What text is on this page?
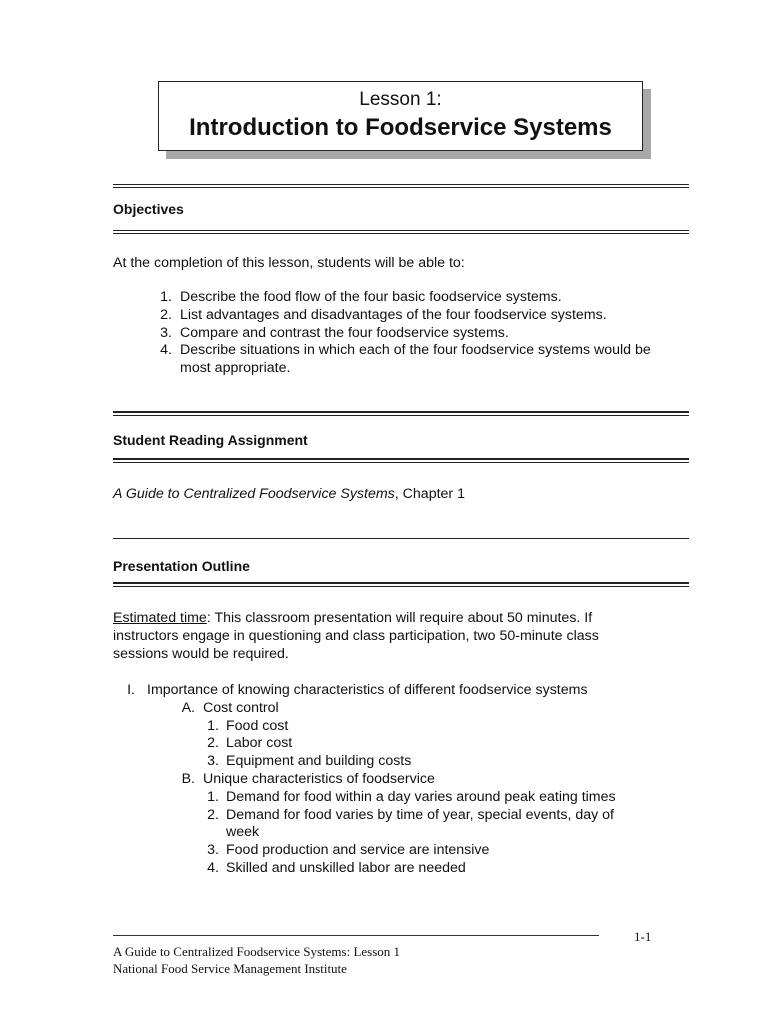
Lesson 1:
Introduction to Foodservice Systems
Objectives
At the completion of this lesson, students will be able to:
1. Describe the food flow of the four basic foodservice systems.
2. List advantages and disadvantages of the four foodservice systems.
3. Compare and contrast the four foodservice systems.
4. Describe situations in which each of the four foodservice systems would be most appropriate.
Student Reading Assignment
A Guide to Centralized Foodservice Systems, Chapter 1
Presentation Outline
Estimated time: This classroom presentation will require about 50 minutes. If instructors engage in questioning and class participation, two 50-minute class sessions would be required.
I. Importance of knowing characteristics of different foodservice systems
A. Cost control
1. Food cost
2. Labor cost
3. Equipment and building costs
B. Unique characteristics of foodservice
1. Demand for food within a day varies around peak eating times
2. Demand for food varies by time of year, special events, day of week
3. Food production and service are intensive
4. Skilled and unskilled labor are needed
1-1
A Guide to Centralized Foodservice Systems: Lesson 1
National Food Service Management Institute
